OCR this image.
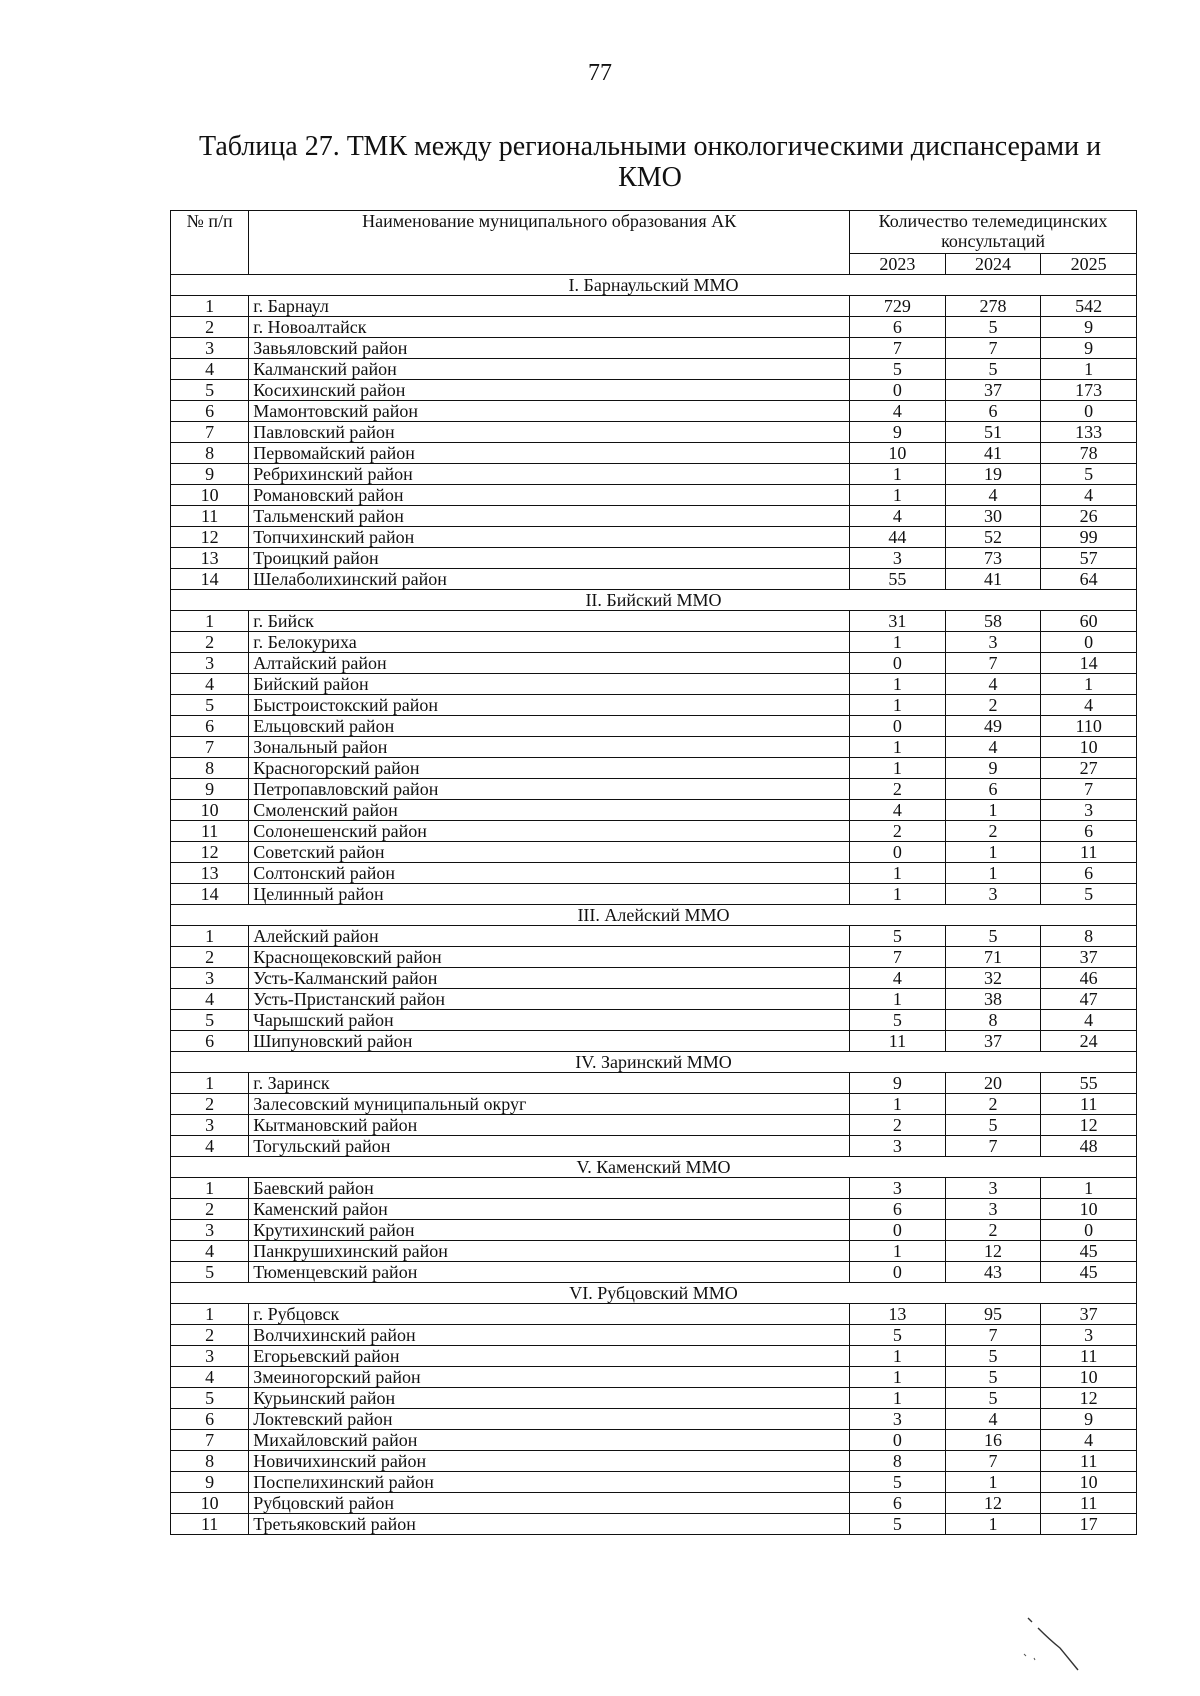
77
Таблица 27. ТМК между региональными онкологическими диспансерами и
КМО
№ п/п	Наименование муниципального образования АК	Количество телемедицинских консультаций		
		2023	2024	2025
I. Барнаульский ММО				
1	г. Барнаул	729	278	542
2	г. Новоалтайск	6	5	9
3	Завьяловский район	7	7	9
4	Калманский район	5	5	1
5	Косихинский район	0	37	173
6	Мамонтовский район	4	6	0
7	Павловский район	9	51	133
8	Первомайский район	10	41	78
9	Ребрихинский район	1	19	5
10	Романовский район	1	4	4
11	Тальменский район	4	30	26
12	Топчихинский район	44	52	99
13	Троицкий район	3	73	57
14	Шелаболихинский район	55	41	64
II. Бийский ММО				
1	г. Бийск	31	58	60
2	г. Белокуриха	1	3	0
3	Алтайский район	0	7	14
4	Бийский район	1	4	1
5	Быстроистокский район	1	2	4
6	Ельцовский район	0	49	110
7	Зональный район	1	4	10
8	Красногорский район	1	9	27
9	Петропавловский район	2	6	7
10	Смоленский район	4	1	3
11	Солонешенский район	2	2	6
12	Советский район	0	1	11
13	Солтонский район	1	1	6
14	Целинный район	1	3	5
III. Алейский ММО				
1	Алейский район	5	5	8
2	Краснощековский район	7	71	37
3	Усть-Калманский район	4	32	46
4	Усть-Пристанский район	1	38	47
5	Чарышский район	5	8	4
6	Шипуновский район	11	37	24
IV. Заринский ММО				
1	г. Заринск	9	20	55
2	Залесовский муниципальный округ	1	2	11
3	Кытмановский район	2	5	12
4	Тогульский район	3	7	48
V. Каменский ММО				
1	Баевский район	3	3	1
2	Каменский район	6	3	10
3	Крутихинский район	0	2	0
4	Панкрушихинский район	1	12	45
5	Тюменцевский район	0	43	45
VI. Рубцовский ММО				
1	г. Рубцовск	13	95	37
2	Волчихинский район	5	7	3
3	Егорьевский район	1	5	11
4	Змеиногорский район	1	5	10
5	Курьинский район	1	5	12
6	Локтевский район	3	4	9
7	Михайловский район	0	16	4
8	Новичихинский район	8	7	11
9	Поспелихинский район	5	1	10
10	Рубцовский район	6	12	11
11	Третьяковский район	5	1	17
